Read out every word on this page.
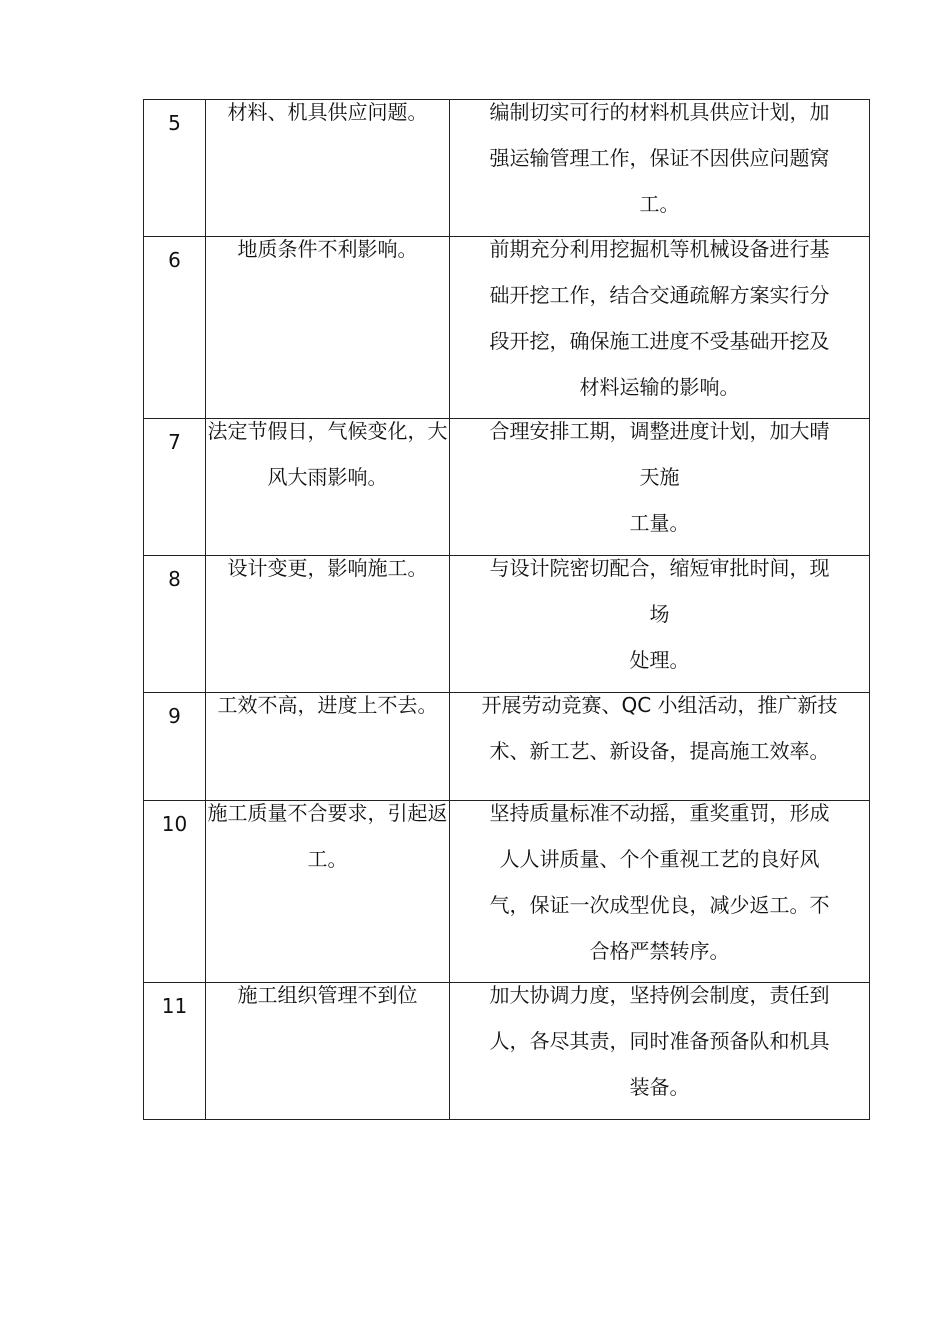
5	材料、机具供应问题。	编制切实可行的材料机具供应计划，加
强运输管理工作，保证不因供应问题窝
工。

6	地质条件不利影响。	前期充分利用挖掘机等机械设备进行基
础开挖工作，结合交通疏解方案实行分
段开挖，确保施工进度不受基础开挖及
材料运输的影响。

7	法定节假日，气候变化，大风大雨影响。	合理安排工期，调整进度计划，加大晴
天施
工量。

8	设计变更，影响施工。	与设计院密切配合，缩短审批时间，现
场
处理。

9	工效不高，进度上不去。	开展劳动竞赛、QC 小组活动，推广新技
术、新工艺、新设备，提高施工效率。

10	施工质量不合要求，引起返工。	坚持质量标准不动摇，重奖重罚，形成
人人讲质量、个个重视工艺的良好风
气，保证一次成型优良，减少返工。不
合格严禁转序。

11	施工组织管理不到位	加大协调力度，坚持例会制度，责任到
人，各尽其责，同时准备预备队和机具
装备。
